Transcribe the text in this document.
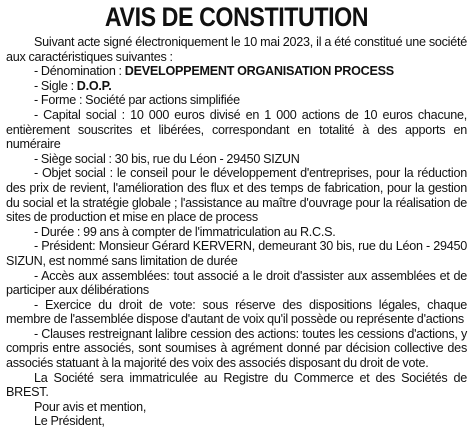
AVIS DE CONSTITUTION

Suivant acte signé électroniquement le 10 mai 2023, il a été constitué une société aux caractéristiques suivantes :

- Dénomination : DEVELOPPEMENT ORGANISATION PROCESS

- Sigle : D.O.P.

- Forme : Société par actions simplifiée

- Capital social : 10 000 euros divisé en 1 000 actions de 10 euros chacune, entièrement souscrites et libérées, correspondant en totalité à des apports en numéraire

- Siège social : 30 bis, rue du Léon - 29450 SIZUN

- Objet social : le conseil pour le développement d'entreprises, pour la réduction des prix de revient, l'amélioration des flux et des temps de fabrication, pour la gestion du social et la stratégie globale ; l'assistance au maître d'ouvrage pour la réalisation de sites de production et mise en place de process

- Durée : 99 ans à compter de l'immatriculation au R.C.S.

- Président: Monsieur Gérard KERVERN, demeurant 30 bis, rue du Léon - 29450 SIZUN, est nommé sans limitation de durée

- Accès aux assemblées: tout associé a le droit d'assister aux assemblées et de participer aux délibérations

- Exercice du droit de vote: sous réserve des dispositions légales, chaque membre de l'assemblée dispose d'autant de voix qu'il possède ou représente d'actions

- Clauses restreignant lalibre cession des actions: toutes les cessions d'actions, y compris entre associés, sont soumises à agrément donné par décision collective des associés statuant à la majorité des voix des associés disposant du droit de vote.

La Société sera immatriculée au Registre du Commerce et des Sociétés de BREST.

Pour avis et mention,

Le Président,
